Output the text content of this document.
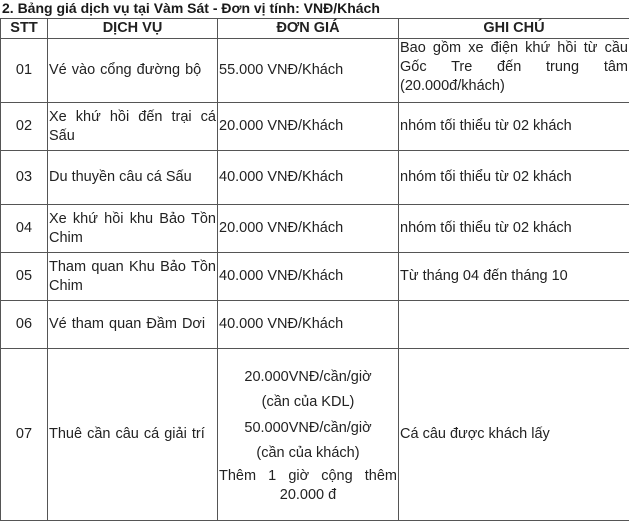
2. Bảng giá dịch vụ tại Vàm Sát - Đơn vị tính: VNĐ/Khách
STT	DỊCH VỤ	ĐƠN GIÁ	GHI CHÚ
01	Vé vào cổng đường bộ	55.000 VNĐ/Khách	Bao gồm xe điện khứ hồi từ cầu Gốc Tre đến trung tâm (20.000đ/khách)
02	Xe khứ hồi đến trại cá Sấu	20.000 VNĐ/Khách	nhóm tối thiểu từ 02 khách
03	Du thuyền câu cá Sấu	40.000 VNĐ/Khách	nhóm tối thiểu từ 02 khách
04	Xe khứ hồi khu Bảo Tồn Chim	20.000 VNĐ/Khách	nhóm tối thiểu từ 02 khách
05	Tham quan Khu Bảo Tồn Chim	40.000 VNĐ/Khách	Từ tháng 04 đến tháng 10
06	Vé tham quan Đầm Dơi	40.000 VNĐ/Khách	
07	Thuê cần câu cá giải trí	20.000VNĐ/cần/giờ
(cần của KDL)
50.000VNĐ/cần/giờ
(cần của khách)
Thêm 1 giờ cộng thêm 20.000 đ	Cá câu được khách lấy
